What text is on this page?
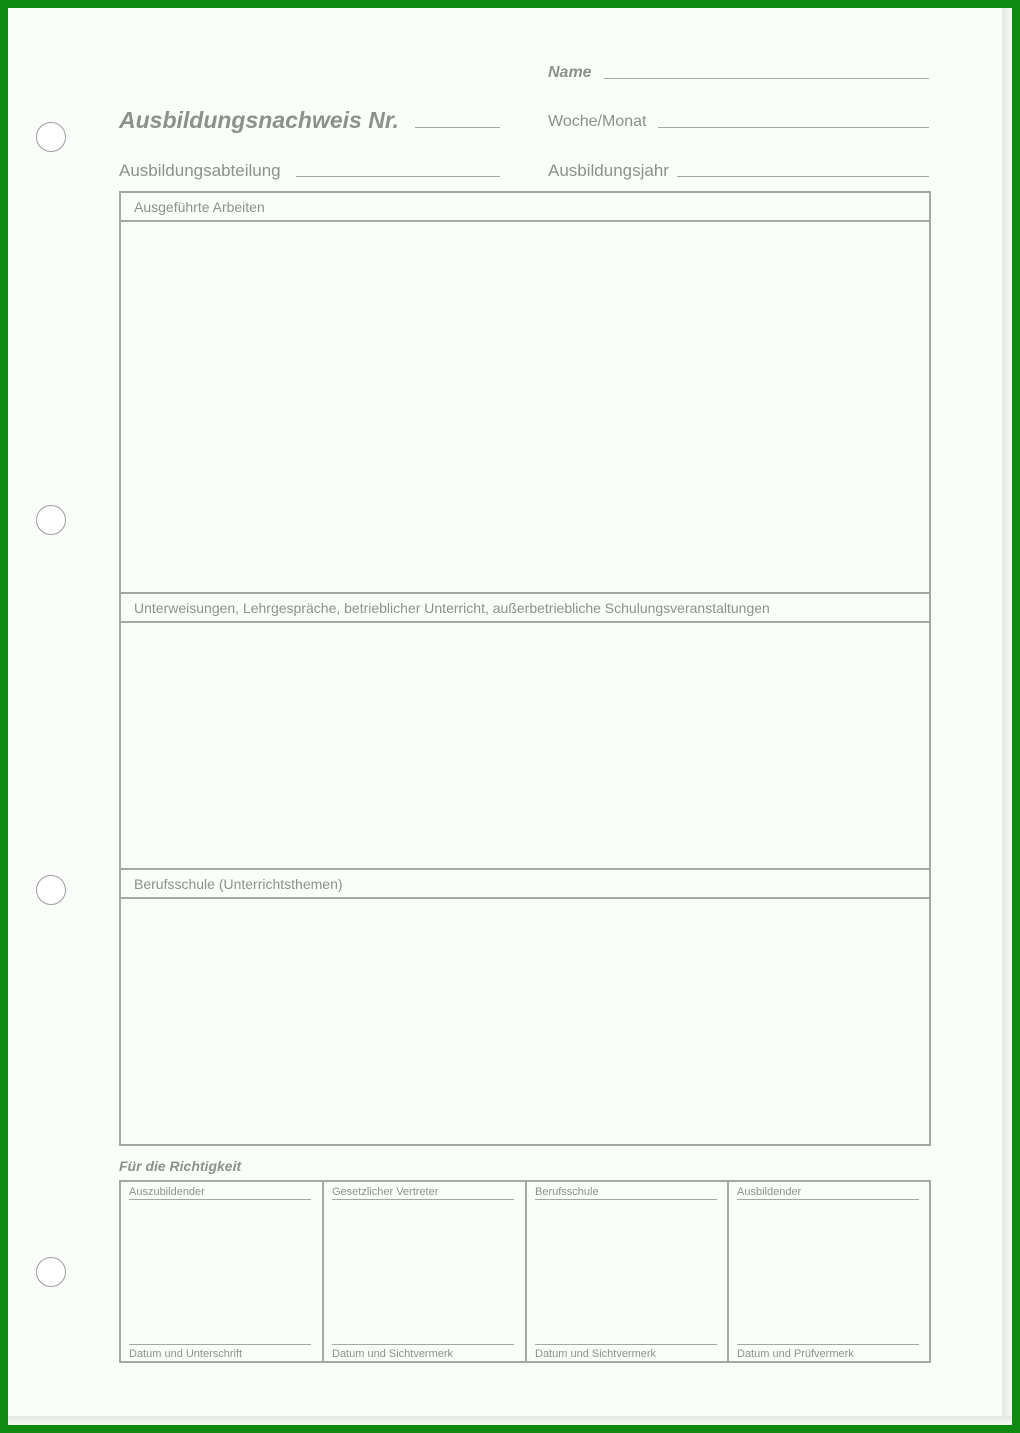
Name
Ausbildungsnachweis Nr.	Woche/Monat
Ausbildungsabteilung	Ausbildungsjahr
Ausgeführte Arbeiten
Unterweisungen, Lehrgespräche, betrieblicher Unterricht, außerbetriebliche Schulungsveranstaltungen
Berufsschule (Unterrichtsthemen)
Für die Richtigkeit
Auszubildender
Datum und Unterschrift
Gesetzlicher Vertreter
Datum und Sichtvermerk
Berufsschule
Datum und Sichtvermerk
Ausbildender
Datum und Prüfvermerk
